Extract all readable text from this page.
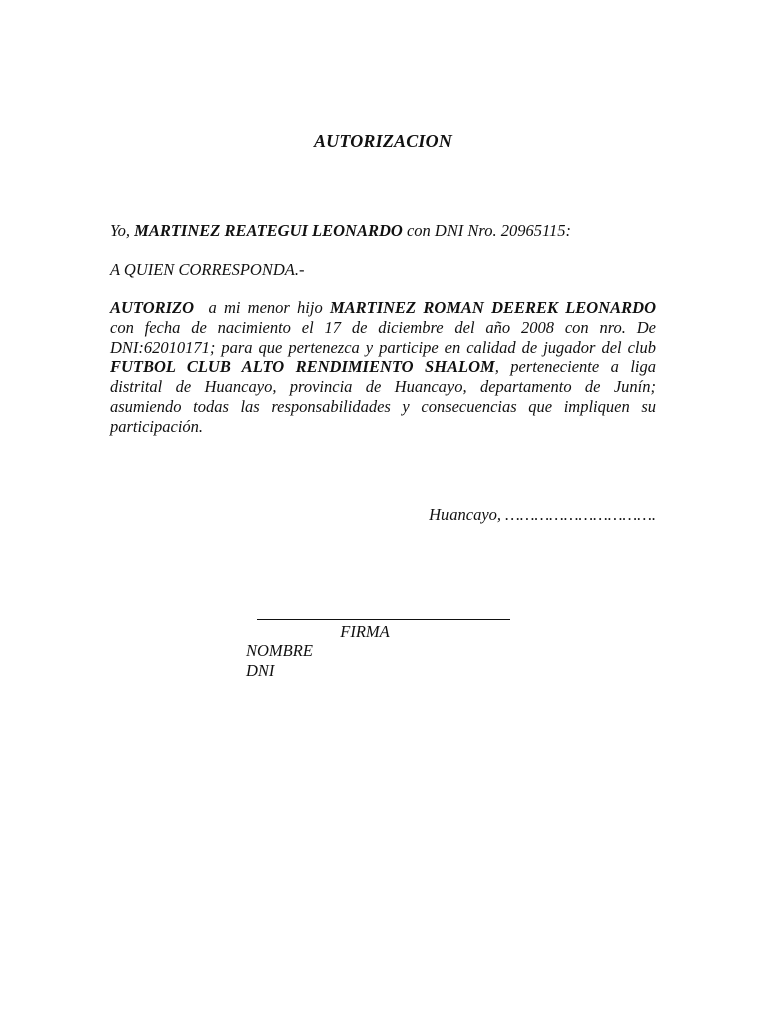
AUTORIZACION
Yo, MARTINEZ REATEGUI LEONARDO con DNI Nro. 20965115:
A QUIEN CORRESPONDA.-
AUTORIZO  a mi menor hijo MARTINEZ ROMAN DEEREK LEONARDO con fecha de nacimiento el 17 de diciembre del año 2008 con nro. De DNI:62010171; para que pertenezca y participe en calidad de jugador del club FUTBOL CLUB ALTO RENDIMIENTO SHALOM, perteneciente a liga distrital de Huancayo, provincia de Huancayo, departamento de Junín; asumiendo todas las responsabilidades y consecuencias que impliquen su participación.
Huancayo, ………………………….
FIRMA
NOMBRE
DNI
